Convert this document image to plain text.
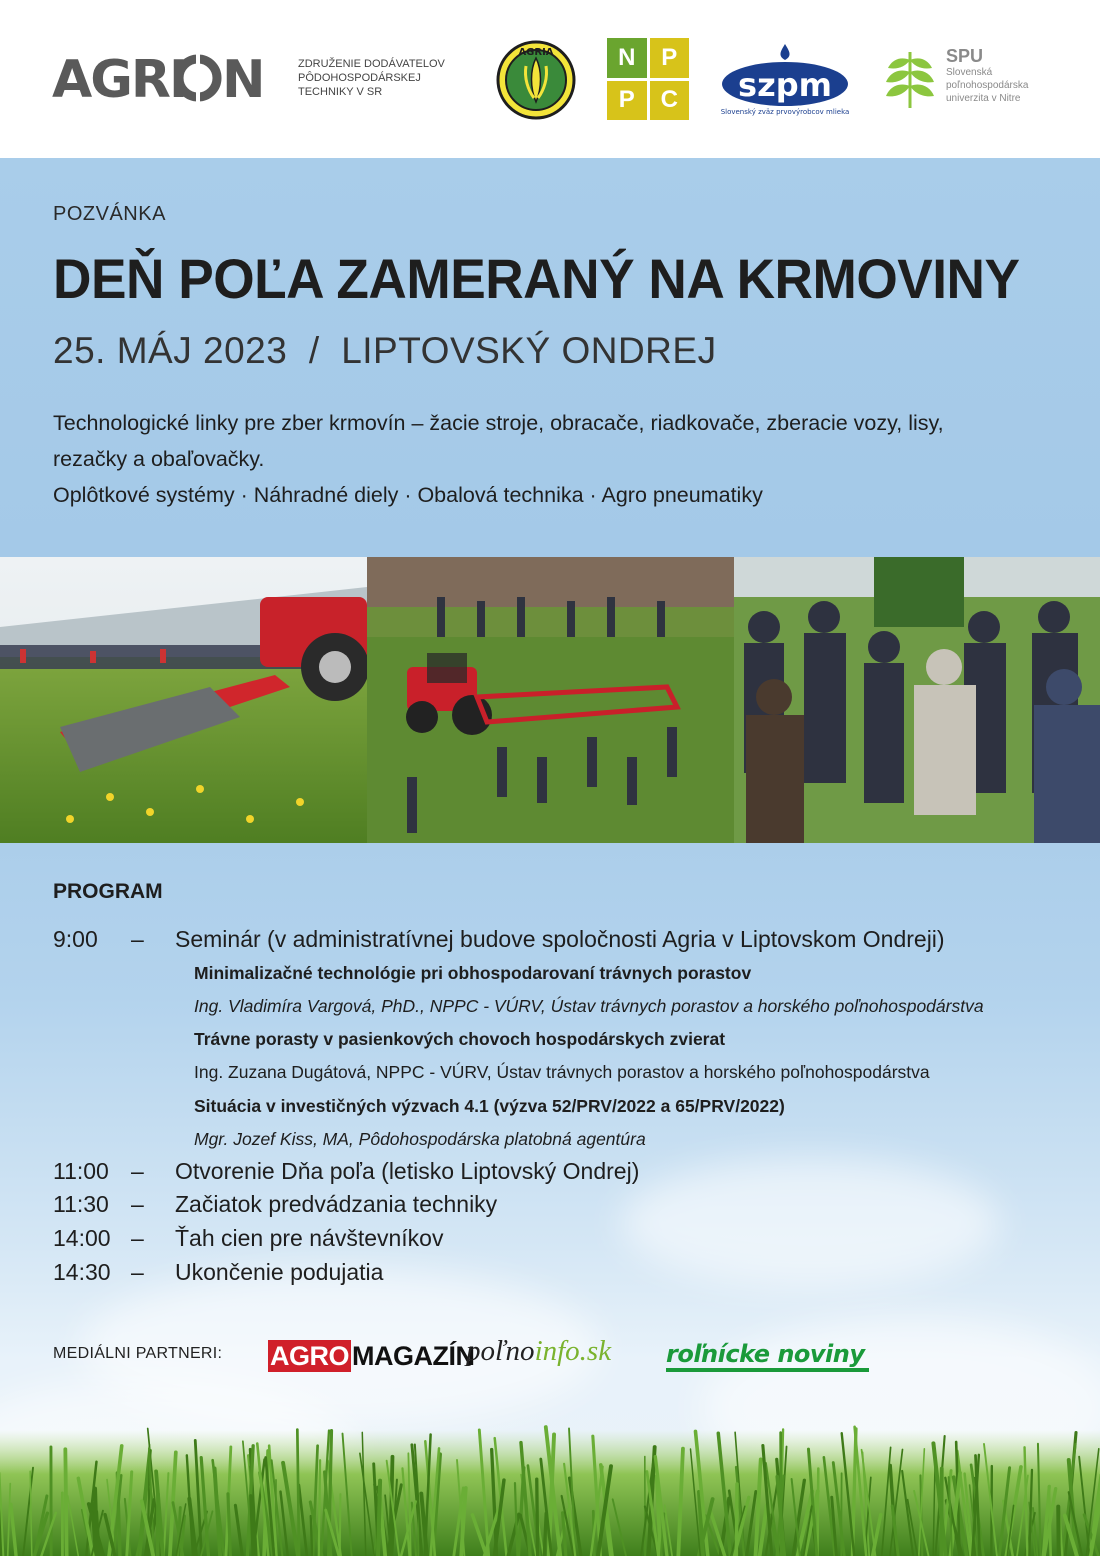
AGRI N	ZDRUŽENIE DODÁVATELOV PÔDOHOSPODÁRSKEJ TECHNIKY V SR
AGRIA	N	P
P	C	szpm
Slovenský zväz prvovýrobcov mlieka
SPU
Slovenská poľnohospodárska univerzita v Nitre
POZVÁNKA
DEŇ POĽA ZAMERANÝ NA KRMOVINY
25. MÁJ 2023  /  LIPTOVSKÝ ONDREJ
Technologické linky pre zber krmovín – žacie stroje, obracače, riadkovače, zberacie vozy, lisy, rezačky a obaľovačky.
Oplôtkové systémy · Náhradné diely · Obalová technika · Agro pneumatiky
PROGRAM
9:00 – Seminár (v administratívnej budove spoločnosti Agria v Liptovskom Ondreji)
Minimalizačné technológie pri obhospodarovaní trávnych porastov
Ing. Vladimíra Vargová, PhD., NPPC - VÚRV, Ústav trávnych porastov a horského poľnohospodárstva
Trávne porasty v pasienkových chovoch hospodárskych zvierat
Ing. Zuzana Dugátová, NPPC - VÚRV, Ústav trávnych porastov a horského poľnohospodárstva
Situácia v investičných výzvach 4.1 (výzva 52/PRV/2022 a 65/PRV/2022)
Mgr. Jozef Kiss, MA, Pôdohospodárska platobná agentúra
11:00 – Otvorenie Dňa poľa (letisko Liptovský Ondrej)
11:30 – Začiatok predvádzania techniky
14:00 – Ťah cien pre návštevníkov
14:30 – Ukončenie podujatia
MEDIÁLNI PARTNERI: AGRO MAGAZÍN
poľnoinfo.sk roľnícke noviny
